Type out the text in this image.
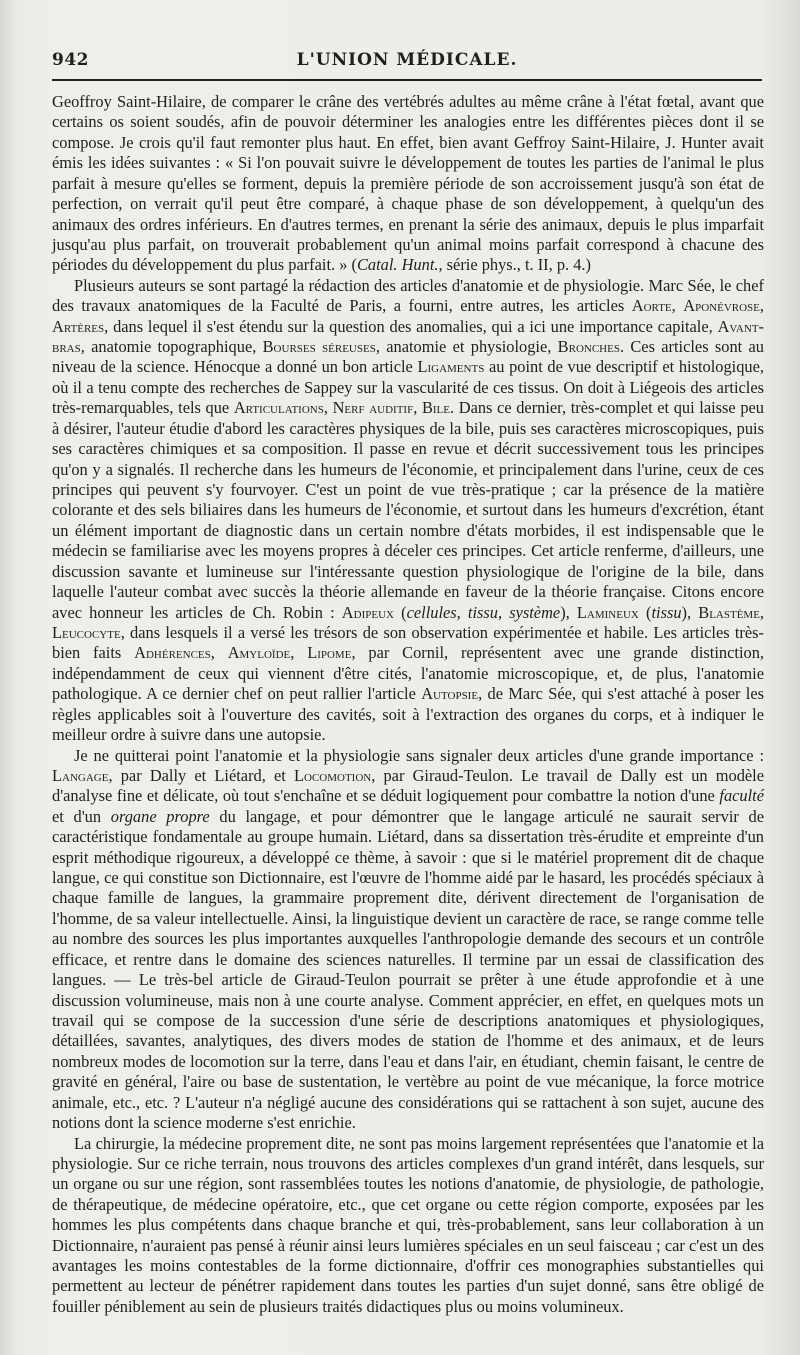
942	L'UNION MÉDICALE.

Geoffroy Saint-Hilaire, de comparer le crâne des vertébrés adultes au même crâne à l'état fœtal, avant que certains os soient soudés, afin de pouvoir déterminer les analogies entre les différentes pièces dont il se compose. Je crois qu'il faut remonter plus haut. En effet, bien avant Geffroy Saint-Hilaire, J. Hunter avait émis les idées suivantes : « Si l'on pouvait suivre le développement de toutes les parties de l'animal le plus parfait à mesure qu'elles se forment, depuis la première période de son accroissement jusqu'à son état de perfection, on verrait qu'il peut être comparé, à chaque phase de son développement, à quelqu'un des animaux des ordres inférieurs. En d'autres termes, en prenant la série des animaux, depuis le plus imparfait jusqu'au plus parfait, on trouverait probablement qu'un animal moins parfait correspond à chacune des périodes du développement du plus parfait. » (Catal. Hunt., série phys., t. II, p. 4.)

Plusieurs auteurs se sont partagé la rédaction des articles d'anatomie et de physiologie. Marc Sée, le chef des travaux anatomiques de la Faculté de Paris, a fourni, entre autres, les articles Aorte, Aponévrose, Artères, dans lequel il s'est étendu sur la question des anomalies, qui a ici une importance capitale, Avant-bras, anatomie topographique, Bourses séreuses, anatomie et physiologie, Bronches. Ces articles sont au niveau de la science. Hénocque a donné un bon article Ligaments au point de vue descriptif et histologique, où il a tenu compte des recherches de Sappey sur la vascularité de ces tissus. On doit à Liégeois des articles très-remarquables, tels que Articulations, Nerf auditif, Bile. Dans ce dernier, très-complet et qui laisse peu à désirer, l'auteur étudie d'abord les caractères physiques de la bile, puis ses caractères microscopiques, puis ses caractères chimiques et sa composition. Il passe en revue et décrit successivement tous les principes qu'on y a signalés. Il recherche dans les humeurs de l'économie, et principalement dans l'urine, ceux de ces principes qui peuvent s'y fourvoyer. C'est un point de vue très-pratique ; car la présence de la matière colorante et des sels biliaires dans les humeurs de l'économie, et surtout dans les humeurs d'excrétion, étant un élément important de diagnostic dans un certain nombre d'états morbides, il est indispensable que le médecin se familiarise avec les moyens propres à déceler ces principes. Cet article renferme, d'ailleurs, une discussion savante et lumineuse sur l'intéressante question physiologique de l'origine de la bile, dans laquelle l'auteur combat avec succès la théorie allemande en faveur de la théorie française. Citons encore avec honneur les articles de Ch. Robin : Adipeux (cellules, tissu, système), Lamineux (tissu), Blastème, Leucocyte, dans lesquels il a versé les trésors de son observation expérimentée et habile. Les articles très-bien faits Adhérences, Amyloïde, Lipome, par Cornil, représentent avec une grande distinction, indépendamment de ceux qui viennent d'être cités, l'anatomie microscopique, et, de plus, l'anatomie pathologique. A ce dernier chef on peut rallier l'article Autopsie, de Marc Sée, qui s'est attaché à poser les règles applicables soit à l'ouverture des cavités, soit à l'extraction des organes du corps, et à indiquer le meilleur ordre à suivre dans une autopsie.

Je ne quitterai point l'anatomie et la physiologie sans signaler deux articles d'une grande importance : Langage, par Dally et Liétard, et Locomotion, par Giraud-Teulon. Le travail de Dally est un modèle d'analyse fine et délicate, où tout s'enchaîne et se déduit logiquement pour combattre la notion d'une faculté et d'un organe propre du langage, et pour démontrer que le langage articulé ne saurait servir de caractéristique fondamentale au groupe humain. Liétard, dans sa dissertation très-érudite et empreinte d'un esprit méthodique rigoureux, a développé ce thème, à savoir : que si le matériel proprement dit de chaque langue, ce qui constitue son Dictionnaire, est l'œuvre de l'homme aidé par le hasard, les procédés spéciaux à chaque famille de langues, la grammaire proprement dite, dérivent directement de l'organisation de l'homme, de sa valeur intellectuelle. Ainsi, la linguistique devient un caractère de race, se range comme telle au nombre des sources les plus importantes auxquelles l'anthropologie demande des secours et un contrôle efficace, et rentre dans le domaine des sciences naturelles. Il termine par un essai de classification des langues. — Le très-bel article de Giraud-Teulon pourrait se prêter à une étude approfondie et à une discussion volumineuse, mais non à une courte analyse. Comment apprécier, en effet, en quelques mots un travail qui se compose de la succession d'une série de descriptions anatomiques et physiologiques, détaillées, savantes, analytiques, des divers modes de station de l'homme et des animaux, et de leurs nombreux modes de locomotion sur la terre, dans l'eau et dans l'air, en étudiant, chemin faisant, le centre de gravité en général, l'aire ou base de sustentation, le vertèbre au point de vue mécanique, la force motrice animale, etc., etc. ? L'auteur n'a négligé aucune des considérations qui se rattachent à son sujet, aucune des notions dont la science moderne s'est enrichie.

La chirurgie, la médecine proprement dite, ne sont pas moins largement représentées que l'anatomie et la physiologie. Sur ce riche terrain, nous trouvons des articles complexes d'un grand intérêt, dans lesquels, sur un organe ou sur une région, sont rassemblées toutes les notions d'anatomie, de physiologie, de pathologie, de thérapeutique, de médecine opératoire, etc., que cet organe ou cette région comporte, exposées par les hommes les plus compétents dans chaque branche et qui, très-probablement, sans leur collaboration à un Dictionnaire, n'auraient pas pensé à réunir ainsi leurs lumières spéciales en un seul faisceau ; car c'est un des avantages les moins contestables de la forme dictionnaire, d'offrir ces monographies substantielles qui permettent au lecteur de pénétrer rapidement dans toutes les parties d'un sujet donné, sans être obligé de fouiller péniblement au sein de plusieurs traités didactiques plus ou moins volumineux.
